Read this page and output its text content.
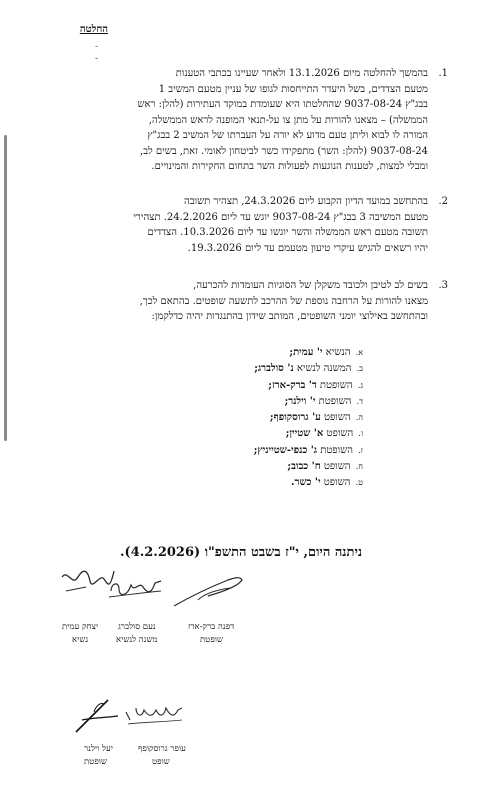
החלטה
-
-
1.
בהמשך להחלטה מיום 13.1.2026 ולאחר שעיינו בכתבי הטענות
מטעם הצדדים, בשל היעדר התייחסות לגופו של עניין מטעם המשיב 1
בבג"ץ 9037-08-24 שהחלטתו היא שעומדת במוקד העתירות (להלן: ראש
הממשלה) – מצאנו להורות על מתן צו על-תנאי המופנה לראש הממשלה,
המורה לו לבוא וליתן טעם מדוע לא יורה על העברתו של המשיב 2 בבג"ץ
9037-08-24 (להלן: השר) מתפקידו כשר לביטחון לאומי. זאת, בשים לב,
ומבלי למצות, לטענות הנוגעות לפעולות השר בתחום החקירות והמינויים.
2.
בהתחשב במועד הדיון הקבוע ליום 24.3.2026, תצהיר תשובה
מטעם המשיבה 3 בבג"ץ 9037-08-24 יוגש עד ליום 24.2.2026. תצהירי
תשובה מטעם ראש הממשלה והשר יוגשו עד ליום 10.3.2026. הצדדים
יהיו רשאים להגיש עיקרי טיעון מטעמם עד ליום 19.3.2026.
3.
בשים לב לטיבן ולכובד משקלן של הסוגיות העומדות להכרעה,
מצאנו להורות על הרחבה נוספת של ההרכב לתשעה שופטים. בהתאם לכך,
ובהתחשב באילוצי יומני השופטים, המותב שידון בהתנגדות יהיה כדלקמן:
א. הנשיא י' עמית;
ב. המשנה לנשיא נ' סולברג;
ג. השופטת ד' ברק-ארז;
ד. השופטת י' וילנר;
ה. השופט ע' גרוסקופף;
ו. השופט א' שטיין;
ז. השופטת ג' כנפי-שטייניץ;
ח. השופט ח' כבוב;
ט. השופט י' כשר.
ניתנה היום, י"ז בשבט התשפ"ו (4.2.2026).
יצחק עמית
נשיא
נעם סולברג
משנה לנשיא
דפנה ברק-ארז
שופטת
יעל וילנר
שופטת
עופר גרוסקופף
שופט
